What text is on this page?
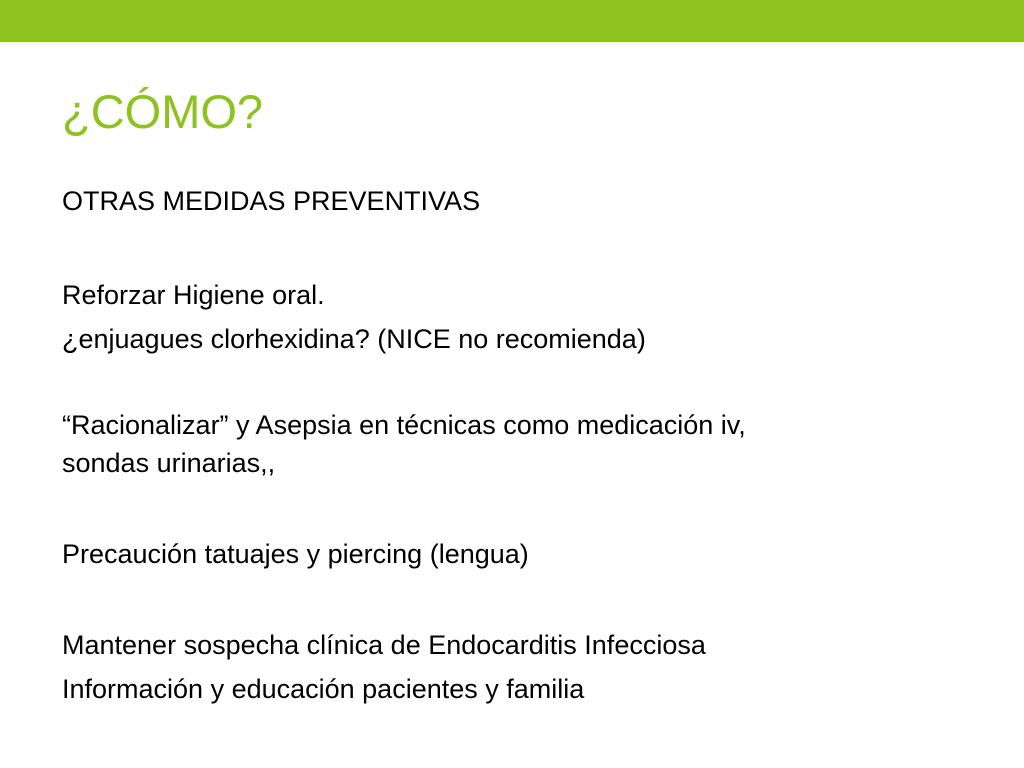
¿CÓMO?

OTRAS MEDIDAS PREVENTIVAS

Reforzar Higiene oral.

¿enjuagues clorhexidina? (NICE no recomienda)

“Racionalizar” y Asepsia en técnicas como medicación iv,

sondas urinarias,,

Precaución tatuajes y piercing (lengua)

Mantener sospecha clínica de Endocarditis Infecciosa

Información y educación pacientes y familia
